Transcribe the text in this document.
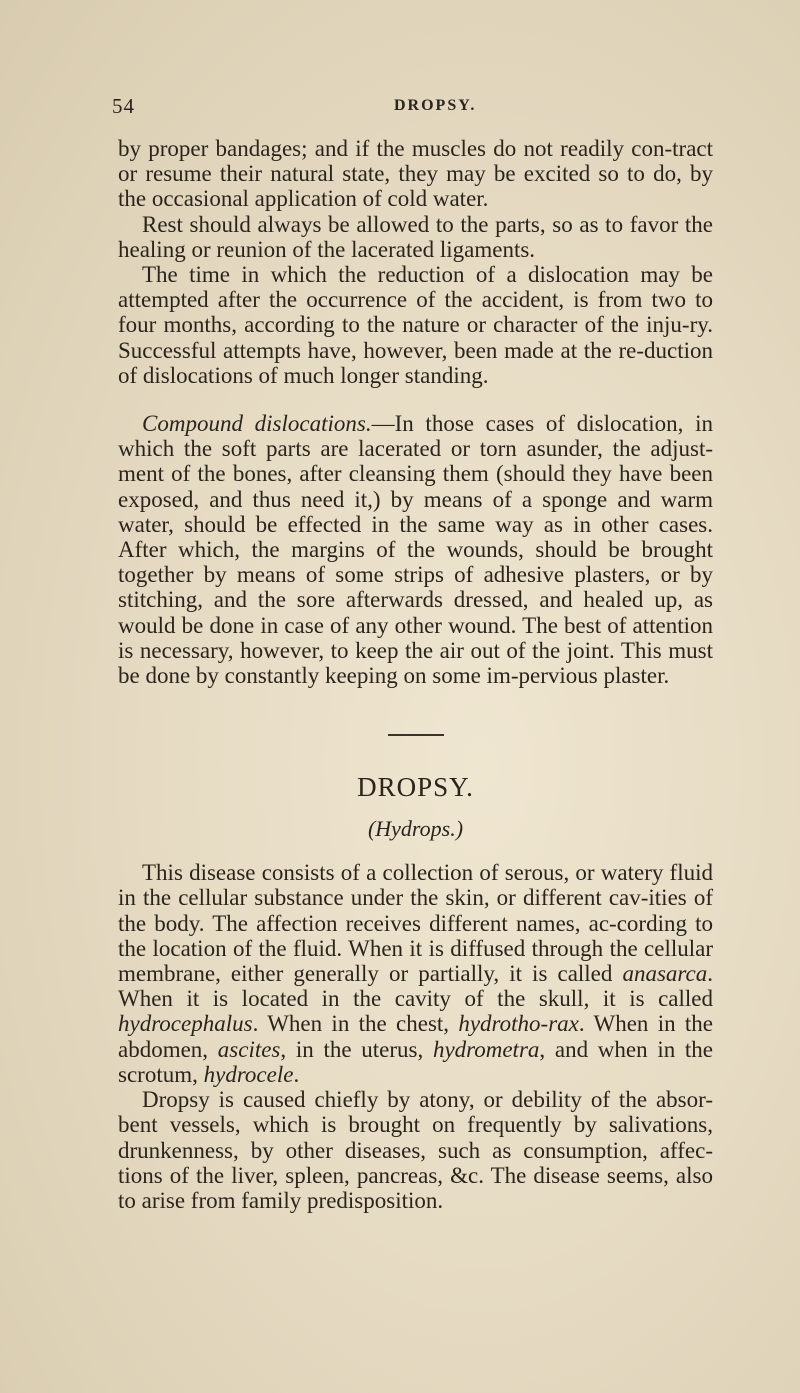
54	DROPSY.

by proper bandages; and if the muscles do not readily con-tract or resume their natural state, they may be excited so to do, by the occasional application of cold water.

Rest should always be allowed to the parts, so as to favor the healing or reunion of the lacerated ligaments.

The time in which the reduction of a dislocation may be attempted after the occurrence of the accident, is from two to four months, according to the nature or character of the inju-ry. Successful attempts have, however, been made at the re-duction of dislocations of much longer standing.

Compound dislocations.—In those cases of dislocation, in which the soft parts are lacerated or torn asunder, the adjust-ment of the bones, after cleansing them (should they have been exposed, and thus need it,) by means of a sponge and warm water, should be effected in the same way as in other cases. After which, the margins of the wounds, should be brought together by means of some strips of adhesive plasters, or by stitching, and the sore afterwards dressed, and healed up, as would be done in case of any other wound. The best of attention is necessary, however, to keep the air out of the joint. This must be done by constantly keeping on some im-pervious plaster.

DROPSY.
(Hydrops.)

This disease consists of a collection of serous, or watery fluid in the cellular substance under the skin, or different cav-ities of the body. The affection receives different names, ac-cording to the location of the fluid. When it is diffused through the cellular membrane, either generally or partially, it is called anasarca. When it is located in the cavity of the skull, it is called hydrocephalus. When in the chest, hydrotho-rax. When in the abdomen, ascites, in the uterus, hydrometra, and when in the scrotum, hydrocele.

Dropsy is caused chiefly by atony, or debility of the absor-bent vessels, which is brought on frequently by salivations, drunkenness, by other diseases, such as consumption, affec-tions of the liver, spleen, pancreas, &c. The disease seems, also to arise from family predisposition.
